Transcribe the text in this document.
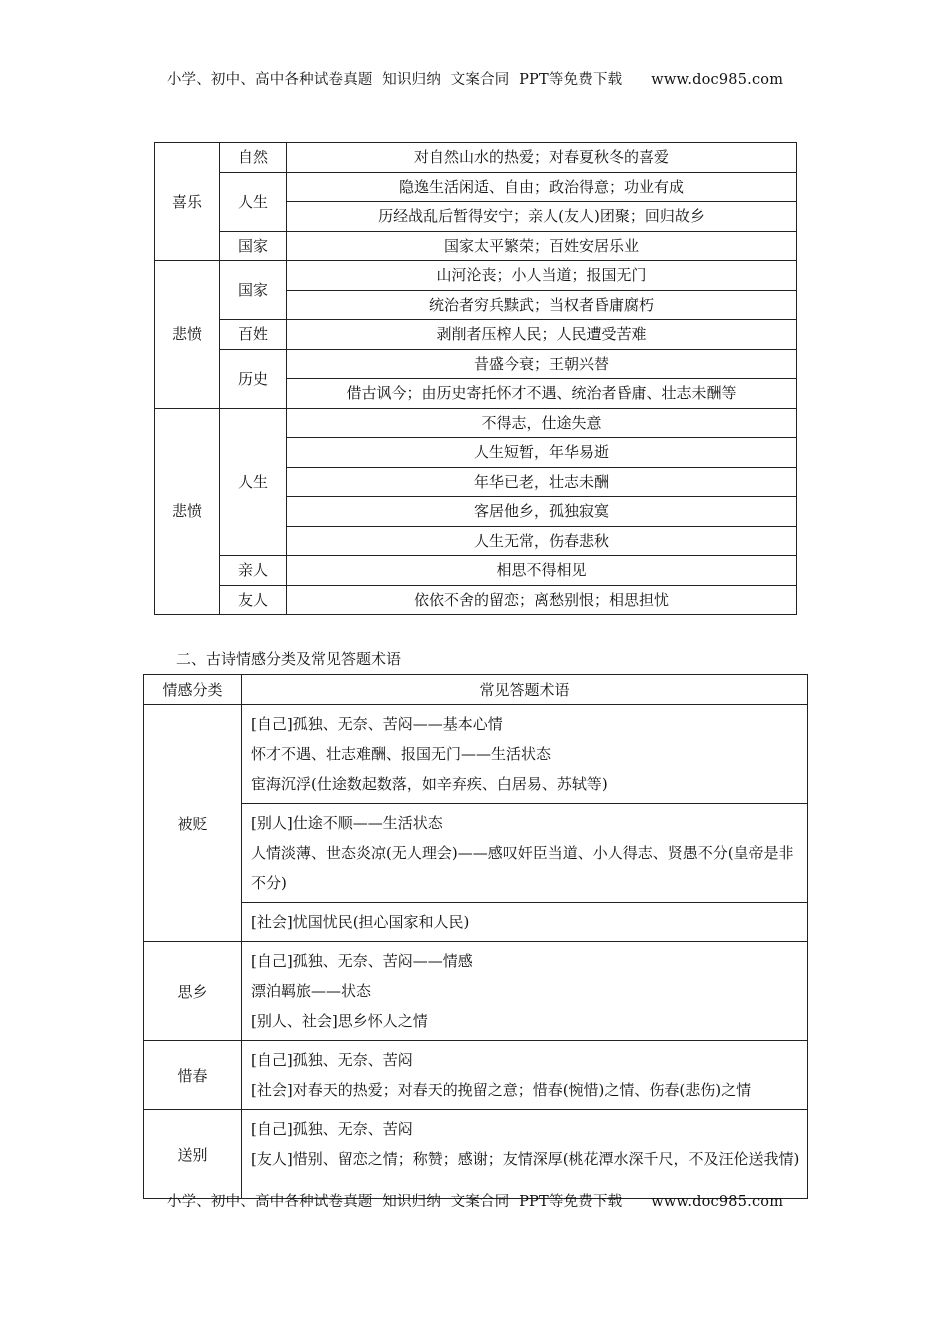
小学、初中、高中各种试卷真题  知识归纳  文案合同  PPT等免费下载      www.doc985.com
喜乐	自然	对自然山水的热爱；对春夏秋冬的喜爱
	人生	隐逸生活闲适、自由；政治得意；功业有成
		历经战乱后暂得安宁；亲人(友人)团聚；回归故乡
	国家	国家太平繁荣；百姓安居乐业
悲愤	国家	山河沦丧；小人当道；报国无门
		统治者穷兵黩武；当权者昏庸腐朽
	百姓	剥削者压榨人民；人民遭受苦难
	历史	昔盛今衰；王朝兴替
		借古讽今；由历史寄托怀才不遇、统治者昏庸、壮志未酬等
悲愤	人生	不得志，仕途失意
		人生短暂，年华易逝
		年华已老，壮志未酬
		客居他乡，孤独寂寞
		人生无常，伤春悲秋
	亲人	相思不得相见
	友人	依依不舍的留恋；离愁别恨；相思担忧
二、古诗情感分类及常见答题术语
情感分类	常见答题术语
被贬	[自己]孤独、无奈、苦闷——基本心情
怀才不遇、壮志难酬、报国无门——生活状态
宦海沉浮(仕途数起数落，如辛弃疾、白居易、苏轼等)

	[别人]仕途不顺——生活状态
人情淡薄、世态炎凉(无人理会)——感叹奸臣当道、小人得志、贤愚不分(皇帝是非不分)

	[社会]忧国忧民(担心国家和人民)

思乡	[自己]孤独、无奈、苦闷——情感
漂泊羁旅——状态
[别人、社会]思乡怀人之情

惜春	[自己]孤独、无奈、苦闷
[社会]对春天的热爱；对春天的挽留之意；惜春(惋惜)之情、伤春(悲伤)之情

送别	[自己]孤独、无奈、苦闷
[友人]惜别、留恋之情；称赞；感谢；友情深厚(桃花潭水深千尺，不及汪伦送我情)
小学、初中、高中各种试卷真题  知识归纳  文案合同  PPT等免费下载      www.doc985.com
